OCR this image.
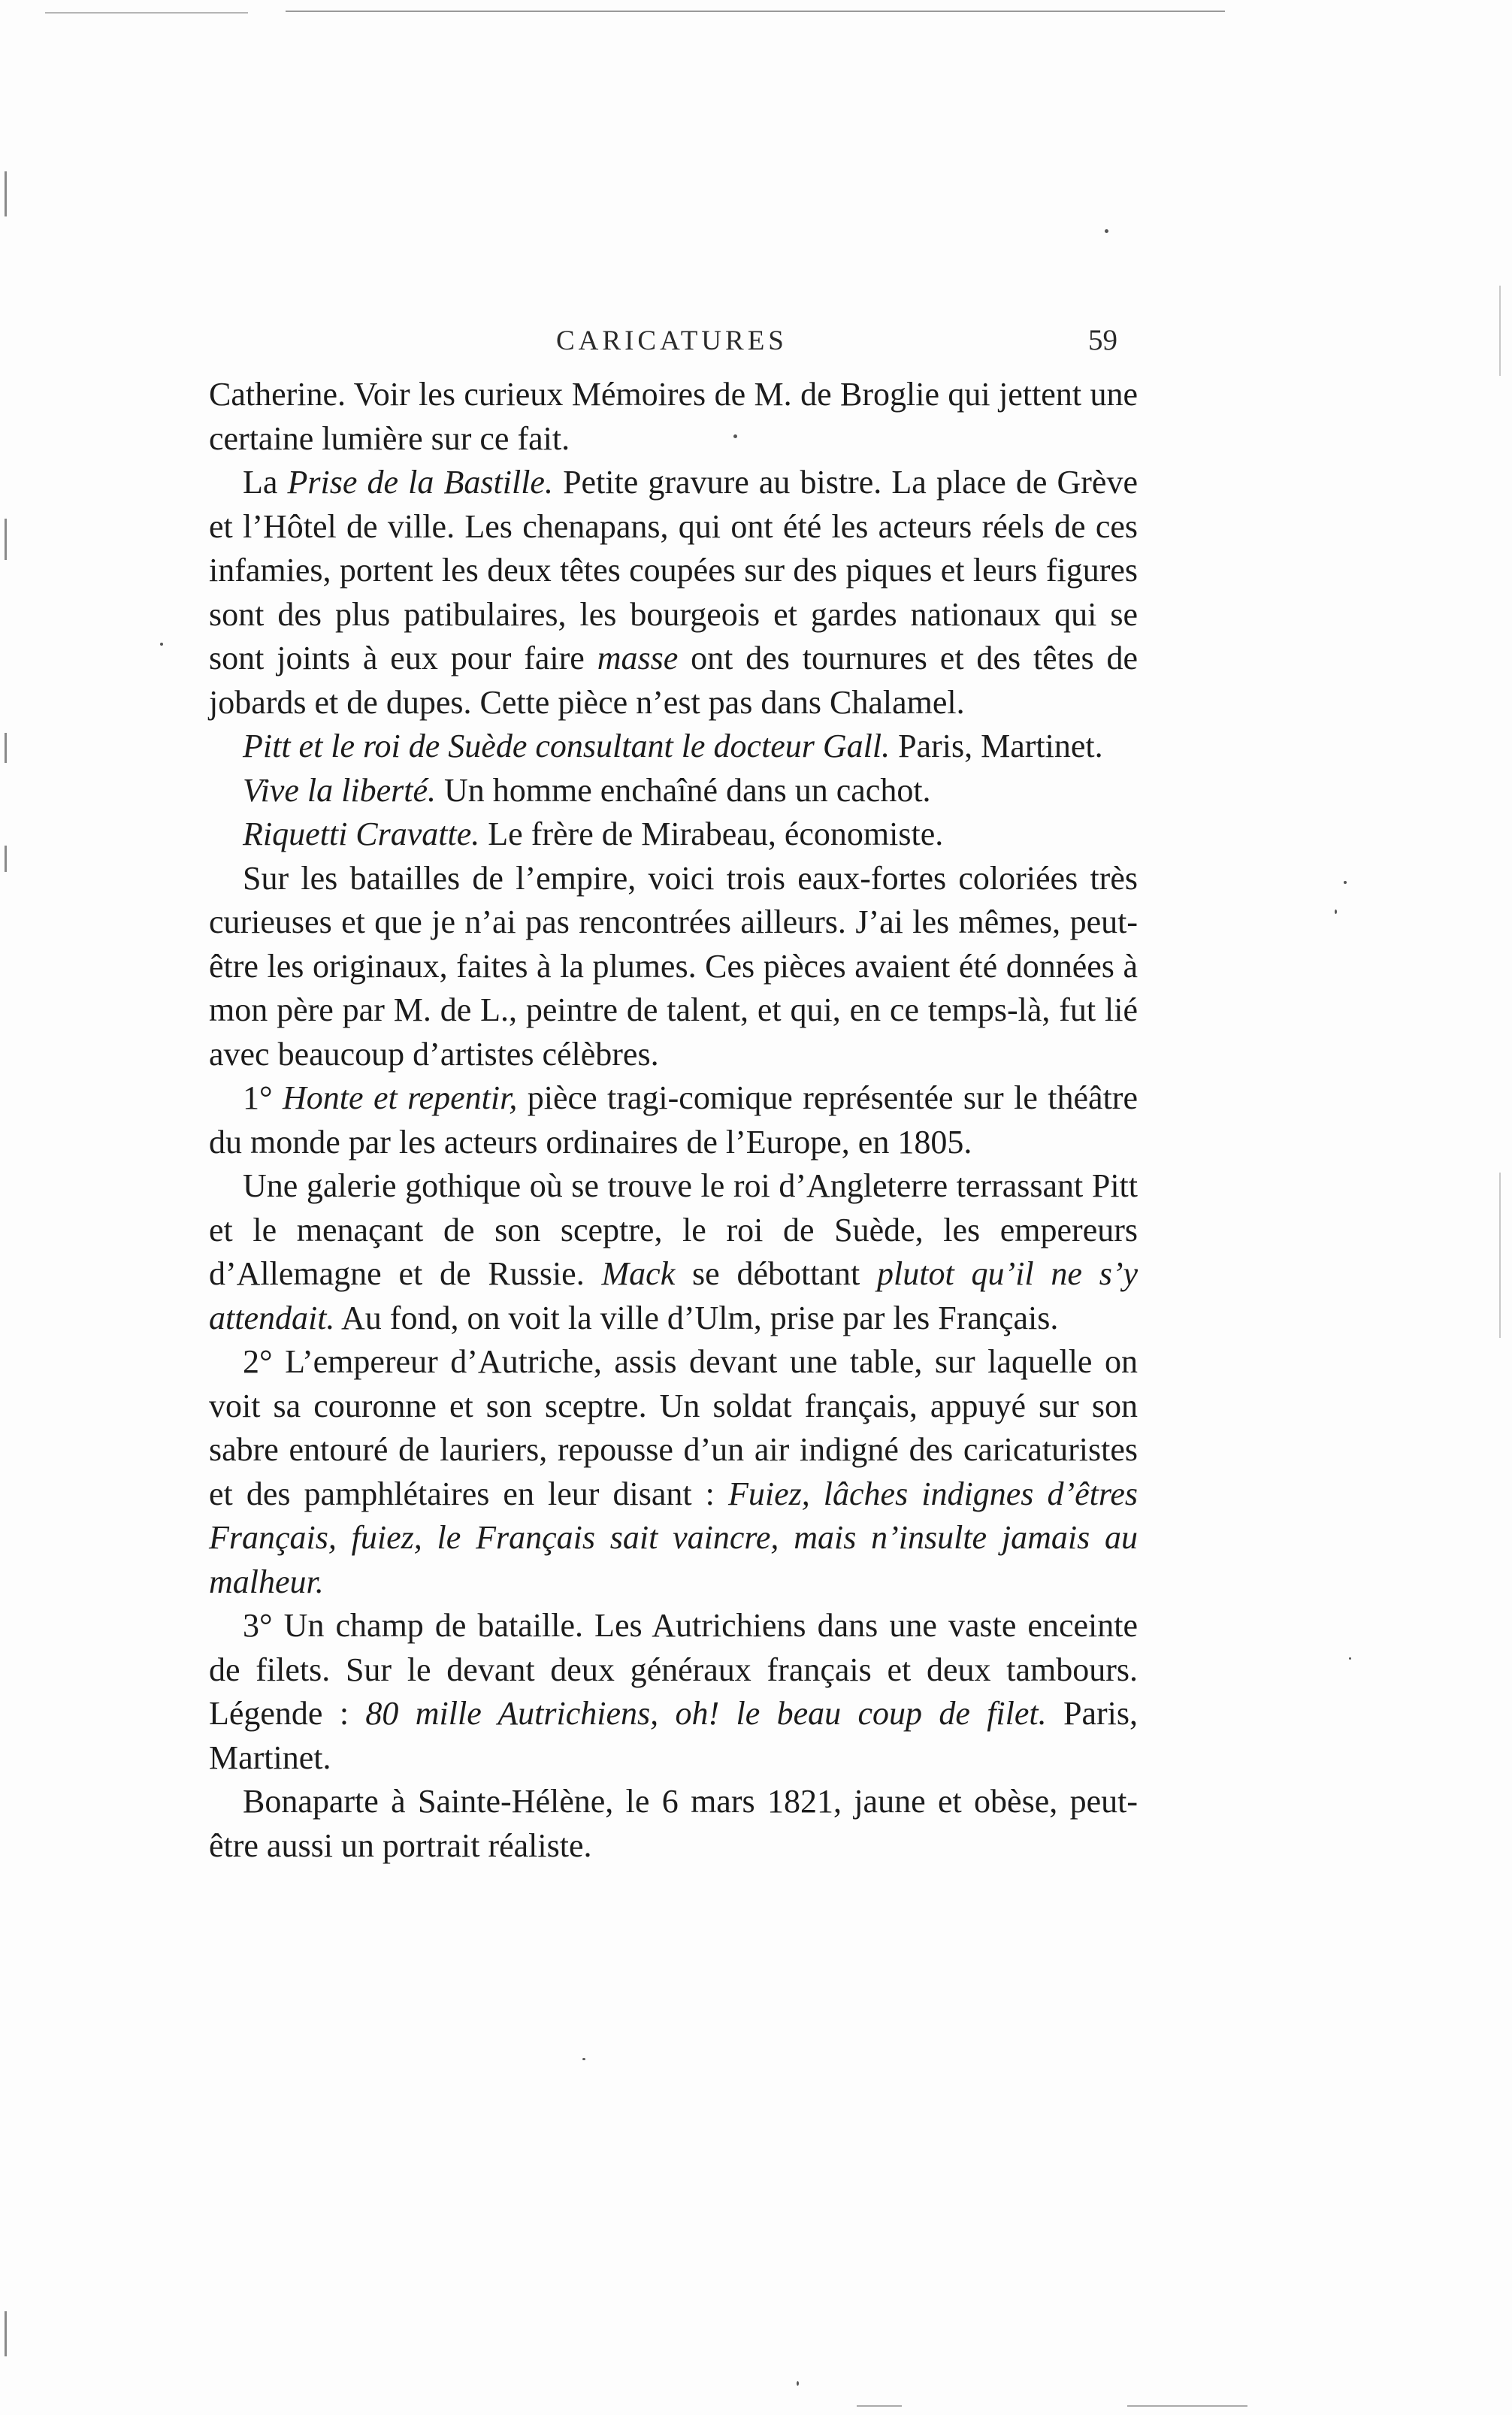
CARICATURES	59

Catherine. Voir les curieux Mémoires de M. de Broglie qui jettent une certaine lumière sur ce fait.

La Prise de la Bastille. Petite gravure au bistre. La place de Grève et l’Hôtel de ville. Les chenapans, qui ont été les acteurs réels de ces infamies, portent les deux têtes coupées sur des piques et leurs figures sont des plus patibulaires, les bourgeois et gardes nationaux qui se sont joints à eux pour faire masse ont des tournures et des têtes de jobards et de dupes. Cette pièce n’est pas dans Chalamel.

Pitt et le roi de Suède consultant le docteur Gall. Paris, Martinet.

Vive la liberté. Un homme enchaîné dans un cachot.

Riquetti Cravatte. Le frère de Mirabeau, économiste.

Sur les batailles de l’empire, voici trois eaux-fortes coloriées très curieuses et que je n’ai pas rencontrées ailleurs. J’ai les mêmes, peut-être les originaux, faites à la plumes. Ces pièces avaient été données à mon père par M. de L., peintre de talent, et qui, en ce temps-là, fut lié avec beaucoup d’artistes célèbres.

1° Honte et repentir, pièce tragi-comique représentée sur le théâtre du monde par les acteurs ordinaires de l’Europe, en 1805.

Une galerie gothique où se trouve le roi d’Angleterre terrassant Pitt et le menaçant de son sceptre, le roi de Suède, les empereurs d’Allemagne et de Russie. Mack se débottant plutot qu’il ne s’y attendait. Au fond, on voit la ville d’Ulm, prise par les Français.

2° L’empereur d’Autriche, assis devant une table, sur laquelle on voit sa couronne et son sceptre. Un soldat français, appuyé sur son sabre entouré de lauriers, repousse d’un air indigné des caricaturistes et des pamphlétaires en leur disant : Fuiez, lâches indignes d’êtres Français, fuiez, le Français sait vaincre, mais n’insulte jamais au malheur.

3° Un champ de bataille. Les Autrichiens dans une vaste enceinte de filets. Sur le devant deux généraux français et deux tambours. Légende : 80 mille Autrichiens, oh! le beau coup de filet. Paris, Martinet.

Bonaparte à Sainte-Hélène, le 6 mars 1821, jaune et obèse, peut-être aussi un portrait réaliste.
